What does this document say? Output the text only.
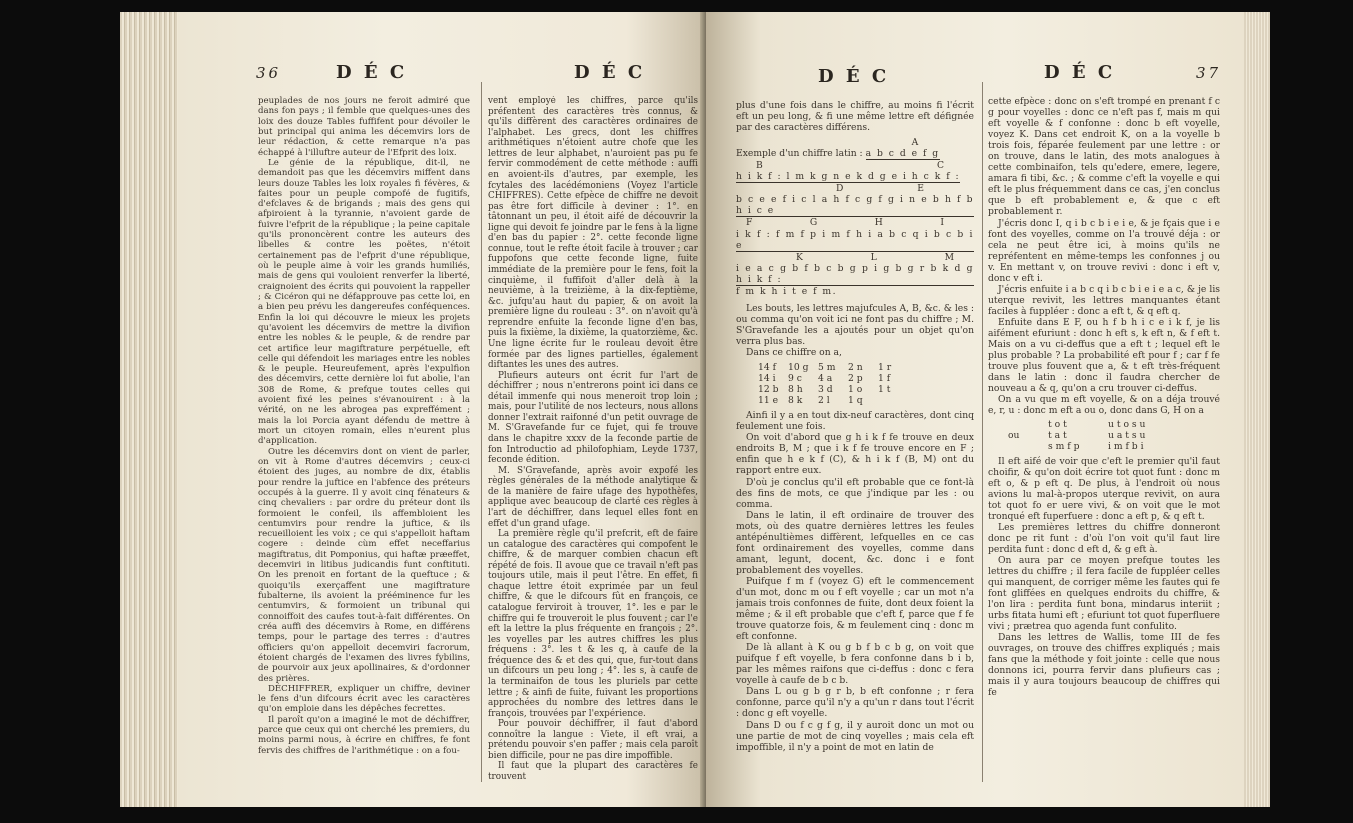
36	D É C	D É C

peuplades de nos jours ne feroit admiré que dans fon pays ; il femble que quelques-unes des loix des douze Tables fuffifent pour dévoiler le but principal qui anima les décemvirs lors de leur rédaction, & cette remarque n'a pas échappé à l'illuftre auteur de l'Efprit des loix.

Le génie de la république, dit-il, ne demandoit pas que les décemvirs miffent dans leurs douze Tables les loix royales fi févères, & faites pour un peuple compofé de fugitifs, d'efclaves & de brigands ; mais des gens qui afpiroient à la tyrannie, n'avoient garde de fuivre l'efprit de la république ; la peine capitale qu'ils prononcèrent contre les auteurs des libelles & contre les poëtes, n'étoit certainement pas de l'efprit d'une république, où le peuple aime à voir les grands humiliés, mais de gens qui vouloient renverfer la liberté, craignoient des écrits qui pouvoient la rappeller ; & Cicéron qui ne défapprouve pas cette loi, en a bien peu prévu les dangereufes conféquences. Enfin la loi qui découvre le mieux les projets qu'avoient les décemvirs de mettre la divifion entre les nobles & le peuple, & de rendre par cet artifice leur magiftrature perpétuelle, eft celle qui défendoit les mariages entre les nobles & le peuple. Heureufement, après l'expulfion des décemvirs, cette dernière loi fut abolie, l'an 308 de Rome, & prefque toutes celles qui avoient fixé les peines s'évanouirent : à la vérité, on ne les abrogea pas expreffément ; mais la loi Porcia ayant défendu de mettre à mort un citoyen romain, elles n'eurent plus d'application.

Outre les décemvirs dont on vient de parler, on vit à Rome d'autres décemvirs ; ceux-ci étoient des juges, au nombre de dix, établis pour rendre la juftice en l'abfence des préteurs occupés à la guerre. Il y avoit cinq fénateurs & cinq chevaliers : par ordre du préteur dont ils formoient le confeil, ils affembloient les centumvirs pour rendre la juftice, & ils recueilloient les voix ; ce qui s'appelloit haftam cogere : deinde cùm effet neceffarius magiftratus, dit Pomponius, qui haftæ præeffet, decemviri in litibus judicandis funt conftituti. On les prenoit en fortant de la queftuce ; & quoiqu'ils exerçaffent une magiftrature fubalterne, ils avoient la prééminence fur les centumvirs, & formoient un tribunal qui connoiffoit des caufes tout-à-fait différentes. On créa auffi des décemvirs à Rome, en différens temps, pour le partage des terres : d'autres officiers qu'on appelloit decemviri facrorum, étoient chargés de l'examen des livres fybilins, de pourvoir aux jeux apollinaires, & d'ordonner des prières.

DÉCHIFFRER, expliquer un chiffre, deviner le fens d'un difcours écrit avec les caractères qu'on emploie dans les dépêches fecrettes.

Il paroît qu'on a imaginé le mot de déchiffrer, parce que ceux qui ont cherché les premiers, du moins parmi nous, à écrire en chiffres, fe font fervis des chiffres de l'arithmétique : on a fou-

vent employé les chiffres, parce qu'ils préfentent des caractères très connus, & qu'ils diffèrent des caractères ordinaires de l'alphabet. Les grecs, dont les chiffres arithmétiques n'étoient autre chofe que les lettres de leur alphabet, n'auroient pas pu fe fervir commodément de cette méthode : auffi en avoient-ils d'autres, par exemple, les fcytales des lacédémoniens (Voyez l'article CHIFFRES). Cette efpèce de chiffre ne devoit pas être fort difficile à deviner : 1°. en tâtonnant un peu, il étoit aifé de découvrir la ligne qui devoit fe joindre par le fens à la ligne d'en bas du papier : 2°. cette feconde ligne connue, tout le refte étoit facile à trouver ; car fuppofons que cette feconde ligne, fuite immédiate de la première pour le fens, foit la cinquième, il fuffifoit d'aller delà à la neuvième, à la treizième, à la dix-feptième, &c. jufqu'au haut du papier, & on avoit la première ligne du rouleau : 3°. on n'avoit qu'à reprendre enfuite la feconde ligne d'en bas, puis la fixième, la dixième, la quatorzième, &c. Une ligne écrite fur le rouleau devoit être formée par des lignes partielles, également diftantes les unes des autres.

Plufieurs auteurs ont écrit fur l'art de déchiffrer ; nous n'entrerons point ici dans ce détail immenfe qui nous meneroit trop loin ; mais, pour l'utilité de nos lecteurs, nous allons donner l'extrait raifonné d'un petit ouvrage de M. S'Gravefande fur ce fujet, qui fe trouve dans le chapitre xxxv de la feconde partie de fon Introductio ad philofophiam, Leyde 1737, feconde édition.

M. S'Gravefande, après avoir expofé les règles générales de la méthode analytique & de la manière de faire ufage des hypothèfes, applique avec beaucoup de clarté ces règles à l'art de déchiffrer, dans lequel elles font en effet d'un grand ufage.

La première règle qu'il prefcrit, eft de faire un catalogue des caractères qui compofent le chiffre, & de marquer combien chacun eft répété de fois. Il avoue que ce travail n'eft pas toujours utile, mais il peut l'être. En effet, fi chaque lettre étoit exprimée par un feul chiffre, & que le difcours fût en françois, ce catalogue ferviroit à trouver, 1°. les e par le chiffre qui fe trouveroit le plus fouvent ; car l'e eft la lettre la plus fréquente en françois ; 2°. les voyelles par les autres chiffres les plus fréquens : 3°. les t & les q, à caufe de la fréquence des & et des qui, que, fur-tout dans un difcours un peu long ; 4°. les s, à caufe de la terminaifon de tous les pluriels par cette lettre ; & ainfi de fuite, fuivant les proportions approchées du nombre des lettres dans le françois, trouvées par l'expérience.

Pour pouvoir déchiffrer, il faut d'abord connoître la langue : Viete, il eft vrai, a prétendu pouvoir s'en paffer ; mais cela paroît bien difficile, pour ne pas dire impoffible.

Il faut que la plupart des caractères fe trouvent

D É C	D É C	37

plus d'une fois dans le chiffre, au moins fi l'écrit eft un peu long, & fi une même lettre eft défignée par des caractères différens.

A
Exemple d'un chiffre latin : a b c d e f g
B	C
h i k f : l m k g n e k d g e i h c k f :
D	E
b c e e f i c l a h f c g f g i n e b h f b h i c e
F	G	H	I
i k f : f m f p i m f h i a b c q i b c b i e
K	L	M
i e a c g b f b c b g p i g b g r b k d g h i k f :
f m k h i t e f m.

Les bouts, les lettres majufcules A, B, &c. & les : ou comma qu'on voit ici ne font pas du chiffre ; M. S'Gravefande les a ajoutés pour un objet qu'on verra plus bas.

Dans ce chiffre on a,

14 f	10 g	5 m	2 n	1 r
14 i	9 c	4 a	2 p	1 f
12 b	8 h	3 d	1 o	1 t
11 e	8 k	2 l	1 q

Ainfi il y a en tout dix-neuf caractères, dont cinq feulement une fois.

On voit d'abord que g h i k f fe trouve en deux endroits B, M ; que i k f fe trouve encore en F ; enfin que h e k f (C), & h i k f (B, M) ont du rapport entre eux.

D'où je conclus qu'il eft probable que ce font-là des fins de mots, ce que j'indique par les : ou comma.

Dans le latin, il eft ordinaire de trouver des mots, où des quatre dernières lettres les feules antépénultièmes diffèrent, lefquelles en ce cas font ordinairement des voyelles, comme dans amant, legunt, docent, &c. donc i e font probablement des voyelles.

Puifque f m f (voyez G) eft le commencement d'un mot, donc m ou f eft voyelle ; car un mot n'a jamais trois confonnes de fuite, dont deux foient la même ; & il eft probable que c'eft f, parce que f fe trouve quatorze fois, & m feulement cinq : donc m eft confonne.

De là allant à K ou g b f b c b g, on voit que puifque f eft voyelle, b fera confonne dans b i b, par les mêmes raifons que ci-deffus : donc c fera voyelle à caufe de b c b.

Dans L ou g b g r b, b eft confonne ; r fera confonne, parce qu'il n'y a qu'un r dans tout l'écrit : donc g eft voyelle.

Dans D ou f c g f g, il y auroit donc un mot ou une partie de mot de cinq voyelles ; mais cela eft impoffible, il n'y a point de mot en latin de

cette efpèce : donc on s'eft trompé en prenant f c g pour voyelles : donc ce n'eft pas f, mais m qui eft voyelle & f confonne : donc b eft voyelle, voyez K. Dans cet endroit K, on a la voyelle b trois fois, féparée feulement par une lettre : or on trouve, dans le latin, des mots analogues à cette combinaifon, tels qu'edere, emere, legere, amara fi tibi, &c. ; & comme c'eft la voyelle e qui eft le plus fréquemment dans ce cas, j'en conclus que b eft probablement e, & que c eft probablement r.

J'écris donc I, q i b c b i e i e, & je fçais que i e font des voyelles, comme on l'a trouvé déja : or cela ne peut être ici, à moins qu'ils ne repréfentent en même-temps les confonnes j ou v. En mettant v, on trouve revivi : donc i eft v, donc v eft i.

J'écris enfuite i a b c q i b c b i e i e a c, & je lis uterque revivit, les lettres manquantes étant faciles à fuppléer : donc a eft t, & q eft q.

Enfuite dans E F, ou h f b h i c e i k f, je lis aifément efuriunt : donc h eft s, k eft n, & f eft t. Mais on a vu ci-deffus que a eft t ; lequel eft le plus probable ? La probabilité eft pour f ; car f fe trouve plus fouvent que a, & t eft très-fréquent dans le latin : donc il faudra chercher de nouveau a & q, qu'on a cru trouver ci-deffus.

On a vu que m eft voyelle, & on a déja trouvé e, r, u : donc m eft a ou o, donc dans G, H on a

t o t	u t o s u
ou	t a t	u a t s u
s m f p	i m f b i

Il eft aifé de voir que c'eft le premier qu'il faut choifir, & qu'on doit écrire tot quot funt : donc m eft o, & p eft q. De plus, à l'endroit où nous avions lu mal-à-propos uterque revivit, on aura tot quot fo er uere vivi, & on voit que le mot tronqué eft fuperfuere : donc a eft p, & q eft t.

Les premières lettres du chiffre donneront donc pe rit funt : d'où l'on voit qu'il faut lire perdita funt : donc d eft d, & g eft à.

On aura par ce moyen prefque toutes les lettres du chiffre ; il fera facile de fuppléer celles qui manquent, de corriger même les fautes qui fe font gliffées en quelques endroits du chiffre, & l'on lira : perdita funt bona, mindarus interiit ; urbs fitata humi eft ; efuriunt tot quot fuperfluere vivi ; prætrea quo agenda funt confulito.

Dans les lettres de Wallis, tome III de fes ouvrages, on trouve des chiffres expliqués ; mais fans que la méthode y foit jointe : celle que nous donnons ici, pourra fervir dans plufieurs cas ; mais il y aura toujours beaucoup de chiffres qui fe
